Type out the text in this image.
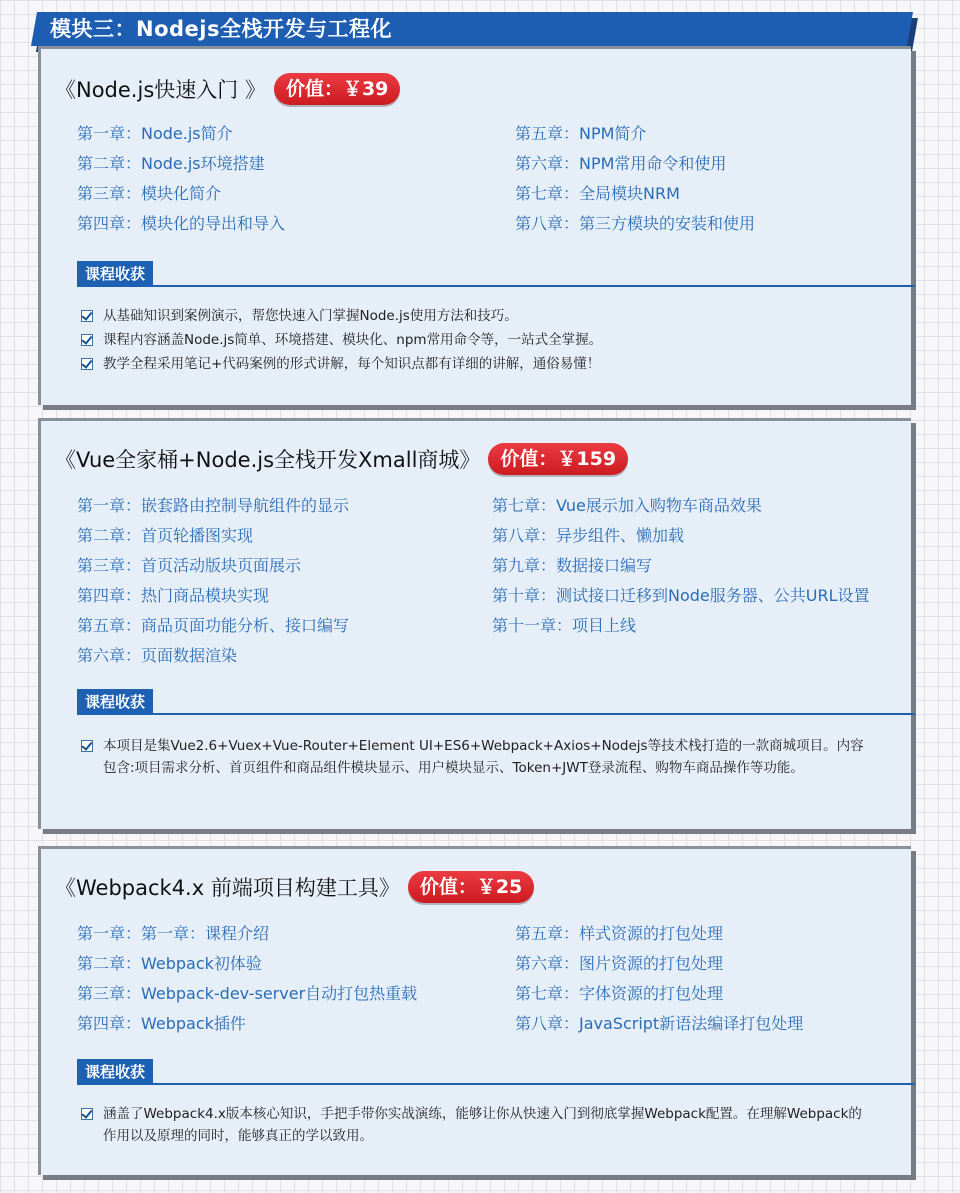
模块三：Nodejs全栈开发与工程化
《Node.js快速入门 》	价值：￥39
第一章：Node.js简介
第二章：Node.js环境搭建
第三章：模块化简介
第四章：模块化的导出和导入
第五章：NPM简介
第六章：NPM常用命令和使用
第七章：全局模块NRM
第八章：第三方模块的安装和使用
课程收获
从基础知识到案例演示，帮您快速入门掌握Node.js使用方法和技巧。
课程内容涵盖Node.js简单、环境搭建、模块化、npm常用命令等，一站式全掌握。
教学全程采用笔记+代码案例的形式讲解，每个知识点都有详细的讲解，通俗易懂！
《Vue全家桶+Node.js全栈开发Xmall商城》	价值：￥159
第一章：嵌套路由控制导航组件的显示
第二章：首页轮播图实现
第三章：首页活动版块页面展示
第四章：热门商品模块实现
第五章：商品页面功能分析、接口编写
第六章：页面数据渲染
第七章：Vue展示加入购物车商品效果
第八章：异步组件、懒加载
第九章：数据接口编写
第十章：测试接口迁移到Node服务器、公共URL设置
第十一章：项目上线
课程收获
本项目是集Vue2.6+Vuex+Vue-Router+Element UI+ES6+Webpack+Axios+Nodejs等技术栈打造的一款商城项目。内容包含:项目需求分析、首页组件和商品组件模块显示、用户模块显示、Token+JWT登录流程、购物车商品操作等功能。
《Webpack4.x 前端项目构建工具》	价值：￥25
第一章：第一章：课程介绍
第二章：Webpack初体验
第三章：Webpack-dev-server自动打包热重载
第四章：Webpack插件
第五章：样式资源的打包处理
第六章：图片资源的打包处理
第七章：字体资源的打包处理
第八章：JavaScript新语法编译打包处理
课程收获
涵盖了Webpack4.x版本核心知识，手把手带你实战演练，能够让你从快速入门到彻底掌握Webpack配置。在理解Webpack的作用以及原理的同时，能够真正的学以致用。
